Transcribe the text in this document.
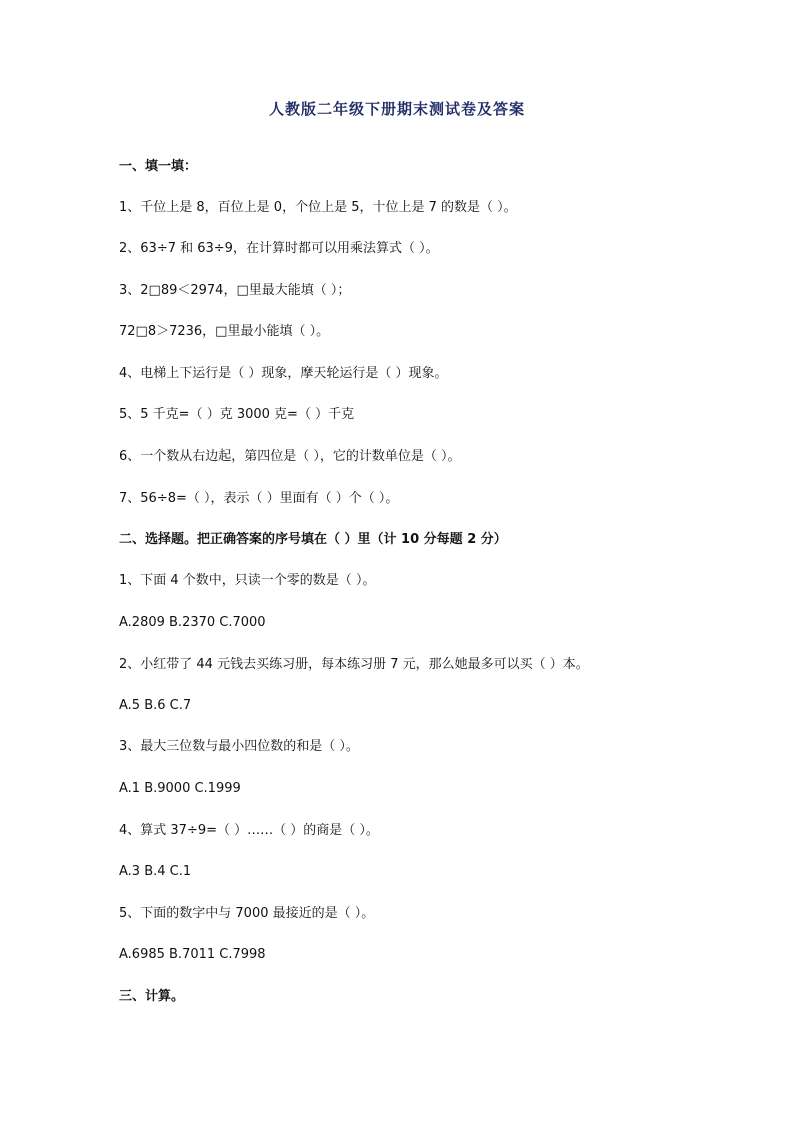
人教版二年级下册期末测试卷及答案
一、填一填：
1、千位上是 8，百位上是 0，个位上是 5，十位上是 7 的数是（ ）。
2、63÷7 和 63÷9，在计算时都可以用乘法算式（ ）。
3、2□89＜2974，□里最大能填（ ）；
72□8＞7236，□里最小能填（ ）。
4、电梯上下运行是（ ）现象，摩天轮运行是（ ）现象。
5、5 千克=（ ）克 3000 克=（ ）千克
6、一个数从右边起，第四位是（ ），它的计数单位是（ ）。
7、56÷8=（ ），表示（ ）里面有（ ）个（ ）。
二、选择题。把正确答案的序号填在（ ）里（计 10 分每题 2 分）
1、下面 4 个数中，只读一个零的数是（ ）。
A.2809 B.2370 C.7000
2、小红带了 44 元钱去买练习册，每本练习册 7 元，那么她最多可以买（ ）本。
A.5 B.6 C.7
3、最大三位数与最小四位数的和是（ ）。
A.1 B.9000 C.1999
4、算式 37÷9=（ ）……（ ）的商是（ ）。
A.3 B.4 C.1
5、下面的数字中与 7000 最接近的是（ ）。
A.6985 B.7011 C.7998
三、计算。
